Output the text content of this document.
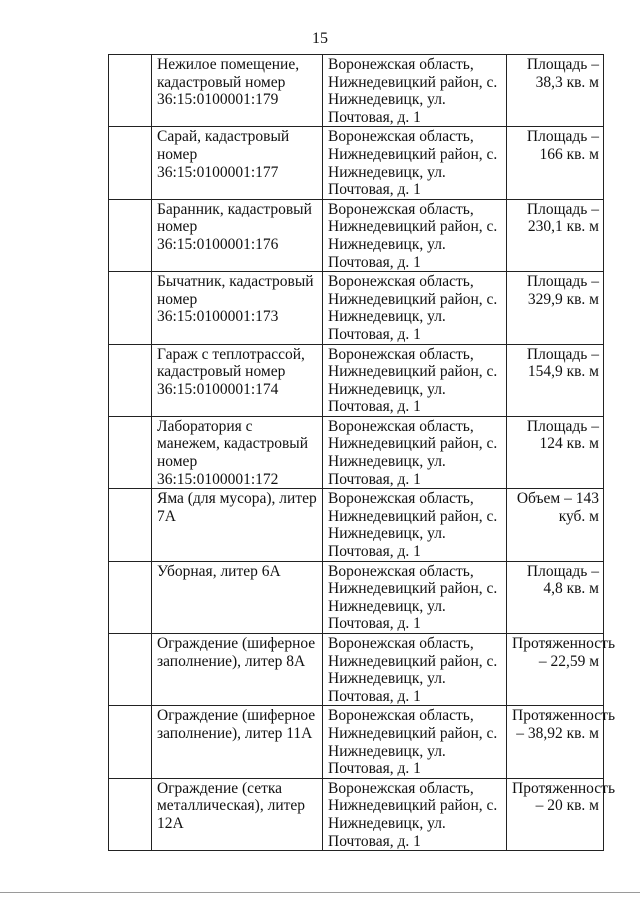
15
	Нежилое помещение, кадастровый номер 36:15:0100001:179	Воронежская область, Нижнедевицкий район, с. Нижнедевицк, ул. Почтовая, д. 1	Площадь – 38,3 кв. м
	Сарай, кадастровый номер 36:15:0100001:177	Воронежская область, Нижнедевицкий район, с. Нижнедевицк, ул. Почтовая, д. 1	Площадь – 166 кв. м
	Баранник, кадастровый номер 36:15:0100001:176	Воронежская область, Нижнедевицкий район, с. Нижнедевицк, ул. Почтовая, д. 1	Площадь – 230,1 кв. м
	Бычатник, кадастровый номер 36:15:0100001:173	Воронежская область, Нижнедевицкий район, с. Нижнедевицк, ул. Почтовая, д. 1	Площадь – 329,9 кв. м
	Гараж с теплотрассой, кадастровый номер 36:15:0100001:174	Воронежская область, Нижнедевицкий район, с. Нижнедевицк, ул. Почтовая, д. 1	Площадь – 154,9 кв. м
	Лаборатория с манежем, кадастровый номер 36:15:0100001:172	Воронежская область, Нижнедевицкий район, с. Нижнедевицк, ул. Почтовая, д. 1	Площадь – 124 кв. м
	Яма (для мусора), литер 7А	Воронежская область, Нижнедевицкий район, с. Нижнедевицк, ул. Почтовая, д. 1	Объем – 143 куб. м
	Уборная, литер 6А	Воронежская область, Нижнедевицкий район, с. Нижнедевицк, ул. Почтовая, д. 1	Площадь – 4,8 кв. м
	Ограждение (шиферное заполнение), литер 8А	Воронежская область, Нижнедевицкий район, с. Нижнедевицк, ул. Почтовая, д. 1	Протяженность – 22,59 м
	Ограждение (шиферное заполнение), литер 11А	Воронежская область, Нижнедевицкий район, с. Нижнедевицк, ул. Почтовая, д. 1	Протяженность – 38,92 кв. м
	Ограждение (сетка металлическая), литер 12А	Воронежская область, Нижнедевицкий район, с. Нижнедевицк, ул. Почтовая, д. 1	Протяженность – 20 кв. м
